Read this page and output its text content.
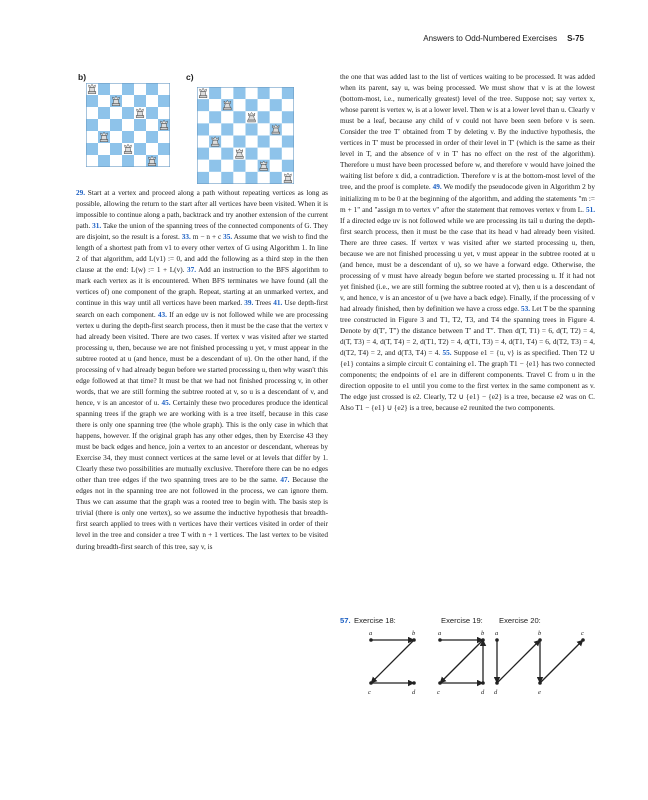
Answers to Odd-Numbered Exercises S-75
b)	c)

29. Start at a vertex and proceed along a path without repeating vertices as long as possible, allowing the return to the start after all vertices have been visited. When it is impossible to continue along a path, backtrack and try another extension of the current path. 31. Take the union of the spanning trees of the connected components of G. They are disjoint, so the result is a forest. 33. m − n + c 35. Assume that we wish to find the length of a shortest path from v1 to every other vertex of G using Algorithm 1. In line 2 of that algorithm, add L(v1) := 0, and add the following as a third step in the then clause at the end: L(w) := 1 + L(v). 37. Add an instruction to the BFS algorithm to mark each vertex as it is encountered. When BFS terminates we have found (all the vertices of) one component of the graph. Repeat, starting at an unmarked vertex, and continue in this way until all vertices have been marked. 39. Trees 41. Use depth-first search on each component. 43. If an edge uv is not followed while we are processing vertex u during the depth-first search process, then it must be the case that the vertex v had already been visited. There are two cases. If vertex v was visited after we started processing u, then, because we are not finished processing u yet, v must appear in the subtree rooted at u (and hence, must be a descendant of u). On the other hand, if the processing of v had already begun before we started processing u, then why wasn't this edge followed at that time? It must be that we had not finished processing v, in other words, that we are still forming the subtree rooted at v, so u is a descendant of v, and hence, v is an ancestor of u. 45. Certainly these two procedures produce the identical spanning trees if the graph we are working with is a tree itself, because in this case there is only one spanning tree (the whole graph). This is the only case in which that happens, however. If the original graph has any other edges, then by Exercise 43 they must be back edges and hence, join a vertex to an ancestor or descendant, whereas by Exercise 34, they must connect vertices at the same level or at levels that differ by 1. Clearly these two possibilities are mutually exclusive. Therefore there can be no edges other than tree edges if the two spanning trees are to be the same. 47. Because the edges not in the spanning tree are not followed in the process, we can ignore them. Thus we can assume that the graph was a rooted tree to begin with. The basis step is trivial (there is only one vertex), so we assume the inductive hypothesis that breadth-first search applied to trees with n vertices have their vertices visited in order of their level in the tree and consider a tree T with n + 1 vertices. The last vertex to be visited during breadth-first search of this tree, say v, is

the one that was added last to the list of vertices waiting to be processed. It was added when its parent, say u, was being processed. We must show that v is at the lowest (bottom-most, i.e., numerically greatest) level of the tree. Suppose not; say vertex x, whose parent is vertex w, is at a lower level. Then w is at a lower level than u. Clearly v must be a leaf, because any child of v could not have been seen before v is seen. Consider the tree T′ obtained from T by deleting v. By the inductive hypothesis, the vertices in T′ must be processed in order of their level in T′ (which is the same as their level in T, and the absence of v in T′ has no effect on the rest of the algorithm). Therefore u must have been processed before w, and therefore v would have joined the waiting list before x did, a contradiction. Therefore v is at the bottom-most level of the tree, and the proof is complete. 49. We modify the pseudocode given in Algorithm 2 by initializing m to be 0 at the beginning of the algorithm, and adding the statements "m := m + 1" and "assign m to vertex v" after the statement that removes vertex v from L. 51. If a directed edge uv is not followed while we are processing its tail u during the depth-first search process, then it must be the case that its head v had already been visited. There are three cases. If vertex v was visited after we started processing u, then, because we are not finished processing u yet, v must appear in the subtree rooted at u (and hence, must be a descendant of u), so we have a forward edge. Otherwise, the processing of v must have already begun before we started processing u. If it had not yet finished (i.e., we are still forming the subtree rooted at v), then u is a descendant of v, and hence, v is an ancestor of u (we have a back edge). Finally, if the processing of v had already finished, then by definition we have a cross edge. 53. Let T be the spanning tree constructed in Figure 3 and T1, T2, T3, and T4 the spanning trees in Figure 4. Denote by d(T′, T″) the distance between T′ and T″. Then d(T, T1) = 6, d(T, T2) = 4, d(T, T3) = 4, d(T, T4) = 2, d(T1, T2) = 4, d(T1, T3) = 4, d(T1, T4) = 6, d(T2, T3) = 4, d(T2, T4) = 2, and d(T3, T4) = 4. 55. Suppose e1 = {u, v} is as specified. Then T2 ∪ {e1} contains a simple circuit C containing e1. The graph T1 − {e1} has two connected components; the endpoints of e1 are in different components. Travel C from u in the direction opposite to e1 until you come to the first vertex in the same component as v. The edge just crossed is e2. Clearly, T2 ∪ {e1} − {e2} is a tree, because e2 was on C. Also T1 − {e1} ∪ {e2} is a tree, because e2 reunited the two components.

57. Exercise 18:	Exercise 19: Exercise 20:
a	b
c	d
a	b
c	d
a	b	c
d	e
